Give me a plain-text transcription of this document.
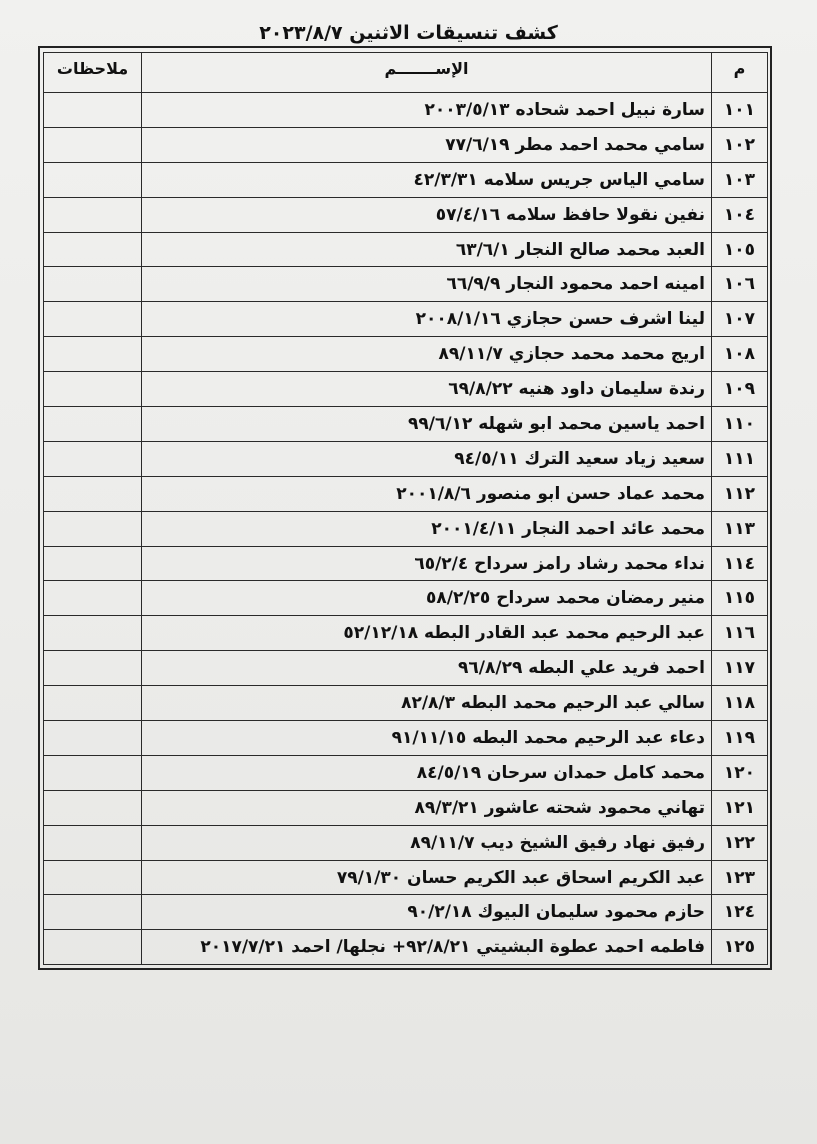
كشف تنسيقات الاثنين ٢٠٢٣/٨/٧
م	الإســـــــم	ملاحظات
١٠١	سارة نبيل احمد شحاده ٢٠٠٣/٥/١٣	
١٠٢	سامي محمد احمد مطر ٧٧/٦/١٩	
١٠٣	سامي الياس جريس سلامه ٤٢/٣/٣١	
١٠٤	نفين نقولا حافظ سلامه ٥٧/٤/١٦	
١٠٥	العبد محمد صالح النجار ٦٣/٦/١	
١٠٦	امينه احمد محمود النجار ٦٦/٩/٩	
١٠٧	لينا اشرف حسن حجازي ٢٠٠٨/١/١٦	
١٠٨	اريج محمد محمد حجازي ٨٩/١١/٧	
١٠٩	رندة سليمان داود هنيه ٦٩/٨/٢٢	
١١٠	احمد ياسين محمد ابو شهله ٩٩/٦/١٢	
١١١	سعيد زياد سعيد الترك ٩٤/٥/١١	
١١٢	محمد عماد حسن ابو منصور ٢٠٠١/٨/٦	
١١٣	محمد عائد احمد النجار ٢٠٠١/٤/١١	
١١٤	نداء محمد رشاد رامز سرداح ٦٥/٢/٤	
١١٥	منير رمضان محمد سرداح ٥٨/٢/٢٥	
١١٦	عبد الرحيم محمد عبد القادر البطه ٥٢/١٢/١٨	
١١٧	احمد فريد علي البطه ٩٦/٨/٢٩	
١١٨	سالي عبد الرحيم محمد البطه ٨٢/٨/٣	
١١٩	دعاء عبد الرحيم محمد البطه ٩١/١١/١٥	
١٢٠	محمد كامل حمدان سرحان ٨٤/٥/١٩	
١٢١	تهاني محمود شحته عاشور ٨٩/٣/٢١	
١٢٢	رفيق نهاد رفيق الشيخ ديب ٨٩/١١/٧	
١٢٣	عبد الكريم اسحاق عبد الكريم حسان ٧٩/١/٣٠	
١٢٤	حازم محمود سليمان البيوك ٩٠/٢/١٨	
١٢٥	فاطمه احمد عطوة البشيتي ٩٢/٨/٢١+ نجلها/ احمد ٢٠١٧/٧/٢١	
